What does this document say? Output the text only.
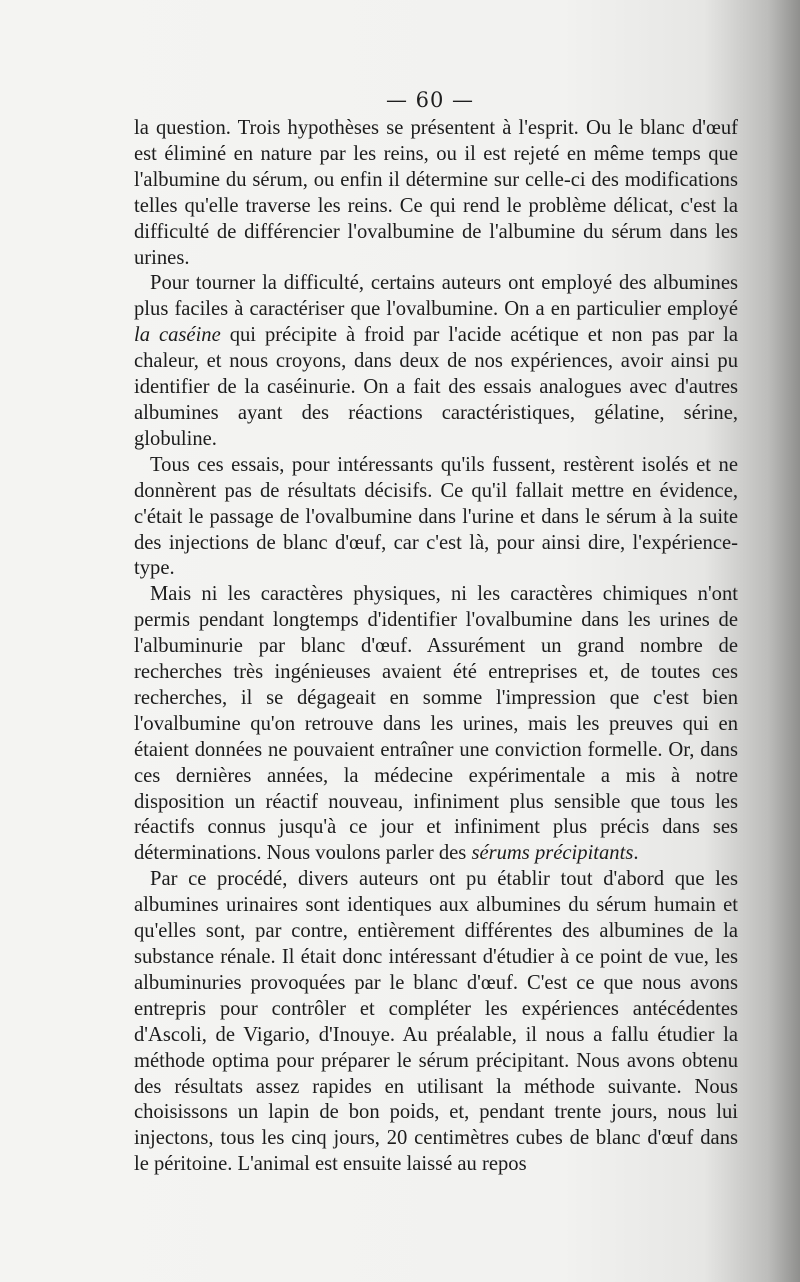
— 60 —

la question. Trois hypothèses se présentent à l'esprit. Ou le blanc d'œuf est éliminé en nature par les reins, ou il est rejeté en même temps que l'albumine du sérum, ou enfin il détermine sur celle-ci des modifications telles qu'elle traverse les reins. Ce qui rend le problème délicat, c'est la difficulté de différencier l'ovalbumine de l'albumine du sérum dans les urines.

Pour tourner la difficulté, certains auteurs ont employé des albumines plus faciles à caractériser que l'ovalbumine. On a en particulier employé la caséine qui précipite à froid par l'acide acétique et non pas par la chaleur, et nous croyons, dans deux de nos expériences, avoir ainsi pu identifier de la caséinurie. On a fait des essais analogues avec d'autres albumines ayant des réactions caractéristiques, gélatine, sérine, globuline.

Tous ces essais, pour intéressants qu'ils fussent, restèrent isolés et ne donnèrent pas de résultats décisifs. Ce qu'il fallait mettre en évidence, c'était le passage de l'ovalbumine dans l'urine et dans le sérum à la suite des injections de blanc d'œuf, car c'est là, pour ainsi dire, l'expérience-type.

Mais ni les caractères physiques, ni les caractères chimiques n'ont permis pendant longtemps d'identifier l'ovalbumine dans les urines de l'albuminurie par blanc d'œuf. Assurément un grand nombre de recherches très ingénieuses avaient été entreprises et, de toutes ces recherches, il se dégageait en somme l'impression que c'est bien l'ovalbumine qu'on retrouve dans les urines, mais les preuves qui en étaient données ne pouvaient entraîner une conviction formelle. Or, dans ces dernières années, la médecine expérimentale a mis à notre disposition un réactif nouveau, infiniment plus sensible que tous les réactifs connus jusqu'à ce jour et infiniment plus précis dans ses déterminations. Nous voulons parler des sérums précipitants.

Par ce procédé, divers auteurs ont pu établir tout d'abord que les albumines urinaires sont identiques aux albumines du sérum humain et qu'elles sont, par contre, entièrement différentes des albumines de la substance rénale. Il était donc intéressant d'étudier à ce point de vue, les albuminuries provoquées par le blanc d'œuf. C'est ce que nous avons entrepris pour contrôler et compléter les expériences antécédentes d'Ascoli, de Vigario, d'Inouye. Au préalable, il nous a fallu étudier la méthode optima pour préparer le sérum précipitant. Nous avons obtenu des résultats assez rapides en utilisant la méthode suivante. Nous choisissons un lapin de bon poids, et, pendant trente jours, nous lui injectons, tous les cinq jours, 20 centimètres cubes de blanc d'œuf dans le péritoine. L'animal est ensuite laissé au repos
